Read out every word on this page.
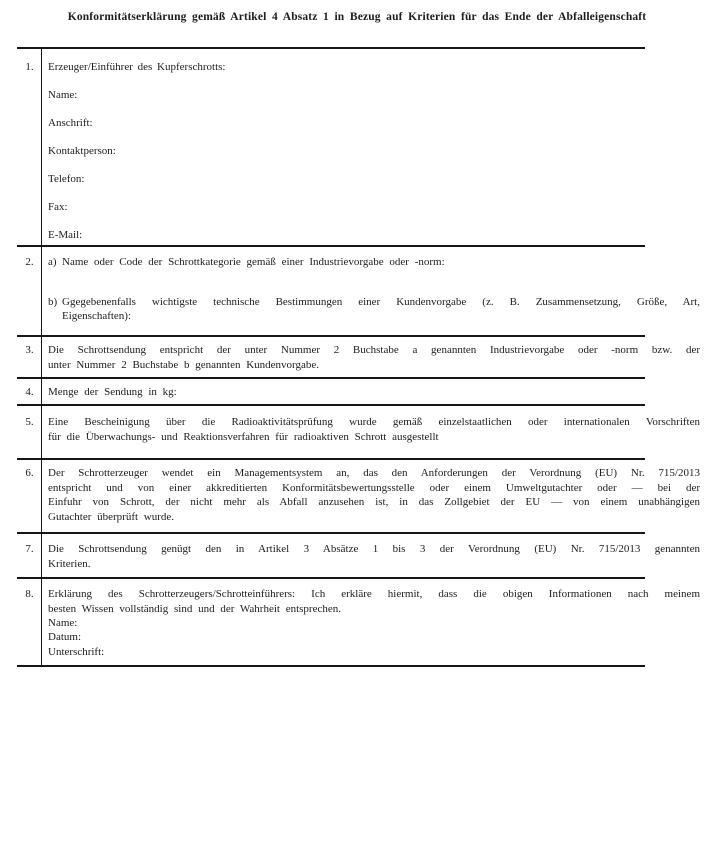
Konformitätserklärung gemäß Artikel 4 Absatz 1 in Bezug auf Kriterien für das Ende der Abfalleigenschaft
1.	Erzeuger/Einführer des Kupferschrotts:
Name:
Anschrift:
Kontaktperson:
Telefon:
Fax:
E-Mail:
2.	a) Name oder Code der Schrottkategorie gemäß einer Industrievorgabe oder -norm:
b) Ggegebenenfalls wichtigste technische Bestimmungen einer Kundenvorgabe (z. B. Zusammensetzung, Größe, Art,
Eigenschaften):
3.	Die Schrottsendung entspricht der unter Nummer 2 Buchstabe a genannten Industrievorgabe oder -norm bzw. der
unter Nummer 2 Buchstabe b genannten Kundenvorgabe.
4.	Menge der Sendung in kg:
5.	Eine Bescheinigung über die Radioaktivitätsprüfung wurde gemäß einzelstaatlichen oder internationalen Vorschriften
für die Überwachungs- und Reaktionsverfahren für radioaktiven Schrott ausgestellt
6.	Der Schrotterzeuger wendet ein Managementsystem an, das den Anforderungen der Verordnung (EU) Nr. 715/2013
entspricht und von einer akkreditierten Konformitätsbewertungsstelle oder einem Umweltgutachter oder — bei der
Einfuhr von Schrott, der nicht mehr als Abfall anzusehen ist, in das Zollgebiet der EU — von einem unabhängigen
Gutachter überprüft wurde.
7.	Die Schrottsendung genügt den in Artikel 3 Absätze 1 bis 3 der Verordnung (EU) Nr. 715/2013 genannten
Kriterien.
8.	Erklärung des Schrotterzeugers/Schrotteinführers: Ich erkläre hiermit, dass die obigen Informationen nach meinem
besten Wissen vollständig sind und der Wahrheit entsprechen.
Name:
Datum:
Unterschrift:
